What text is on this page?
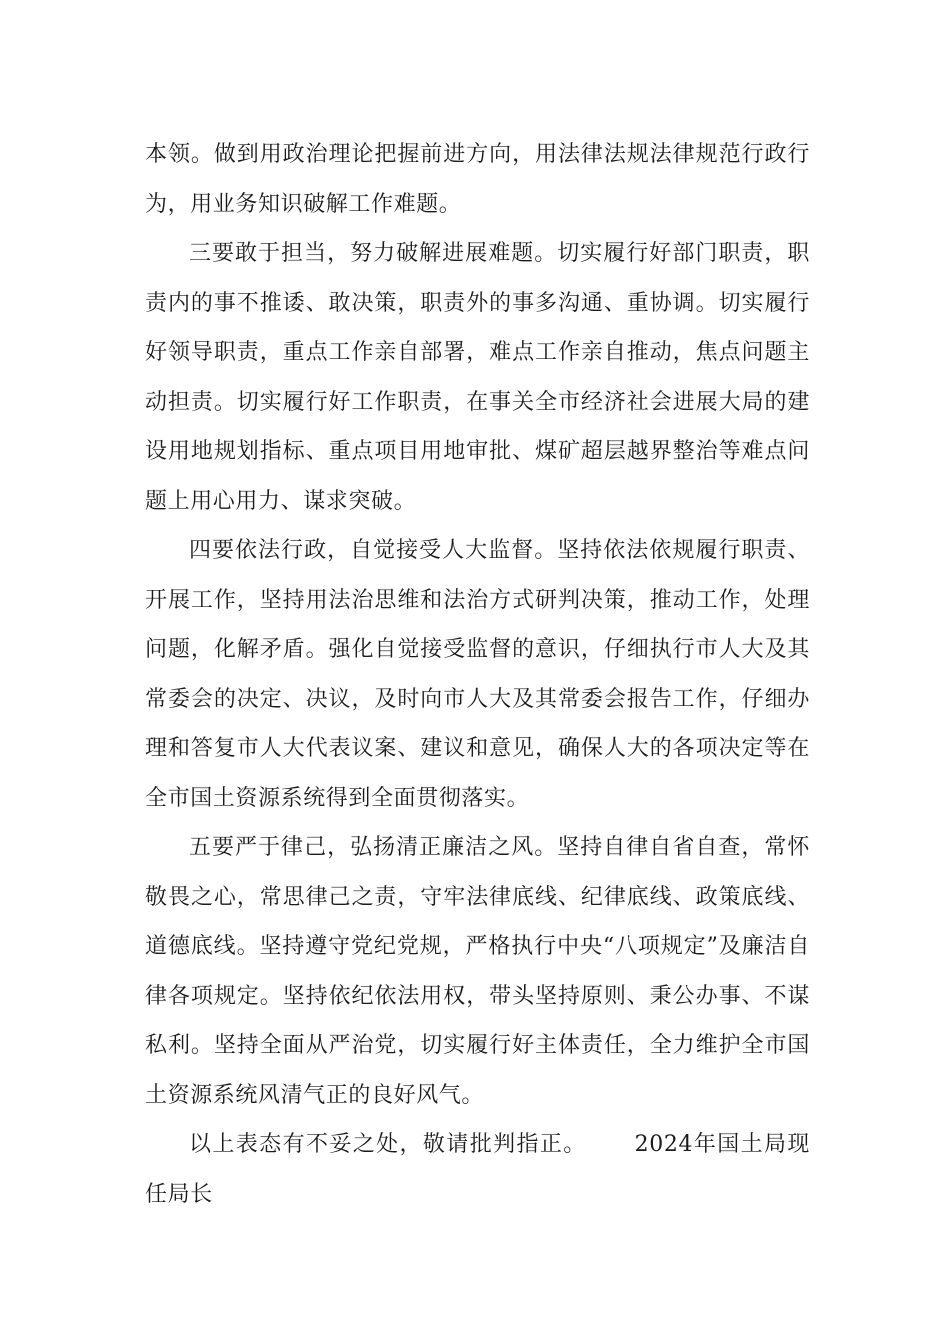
本领。做到用政治理论把握前进方向，用法律法规法律规范行政行为，用业务知识破解工作难题。

三要敢于担当，努力破解进展难题。切实履行好部门职责，职责内的事不推诿、敢决策，职责外的事多沟通、重协调。切实履行好领导职责，重点工作亲自部署，难点工作亲自推动，焦点问题主动担责。切实履行好工作职责，在事关全市经济社会进展大局的建设用地规划指标、重点项目用地审批、煤矿超层越界整治等难点问题上用心用力、谋求突破。

四要依法行政，自觉接受人大监督。坚持依法依规履行职责、开展工作，坚持用法治思维和法治方式研判决策，推动工作，处理问题，化解矛盾。强化自觉接受监督的意识，仔细执行市人大及其常委会的决定、决议，及时向市人大及其常委会报告工作，仔细办理和答复市人大代表议案、建议和意见，确保人大的各项决定等在全市国土资源系统得到全面贯彻落实。

五要严于律己，弘扬清正廉洁之风。坚持自律自省自查，常怀敬畏之心，常思律己之责，守牢法律底线、纪律底线、政策底线、道德底线。坚持遵守党纪党规，严格执行中央“八项规定”及廉洁自律各项规定。坚持依纪依法用权，带头坚持原则、秉公办事、不谋私利。坚持全面从严治党，切实履行好主体责任，全力维护全市国土资源系统风清气正的良好风气。

以上表态有不妥之处，敬请批判指正。 2024年国土局现任局长
